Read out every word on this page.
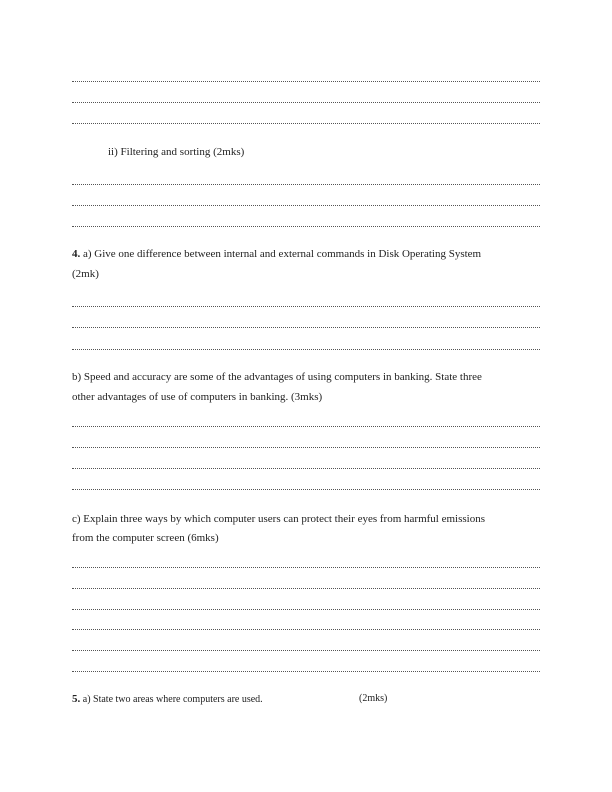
ii) Filtering and sorting (2mks)
4. a) Give one difference between internal and external commands in Disk Operating System
(2mk)
b) Speed and accuracy are some of the advantages of using computers in banking. State three
other advantages of use of computers in banking. (3mks)
c) Explain three ways by which computer users can protect their eyes from harmful emissions
from the computer screen (6mks)
5. a) State two areas where computers are used.	(2mks)
